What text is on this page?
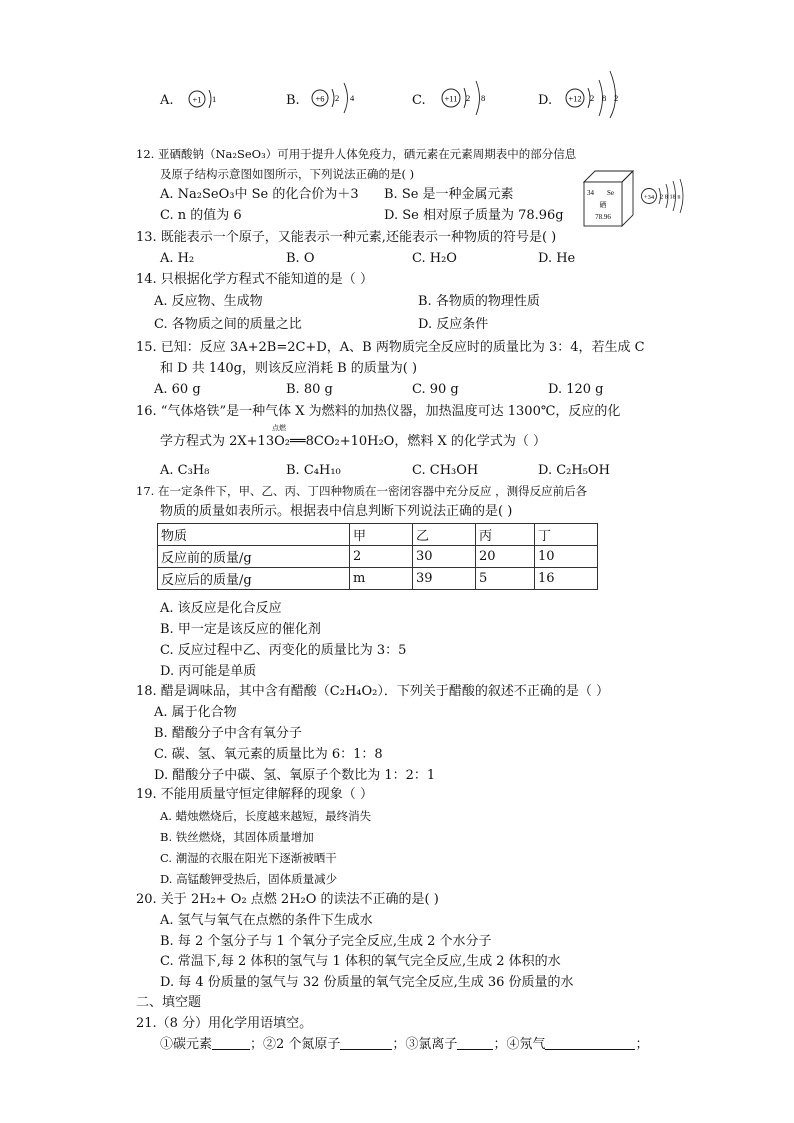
A. +1 1	B. +6 2 4	C. +11 2 8	D. +12 2 8 2
12. 亚硒酸钠（Na₂SeO₃）可用于提升人体免疫力，硒元素在元素周期表中的部分信息
及原子结构示意图如图所示，下列说法正确的是( )
A. Na₂SeO₃中 Se 的化合价为＋3 B. Se 是一种金属元素
C. n 的值为 6	D. Se 相对原子质量为 78.96g
34 Se
硒
78.96
+34 2 8 18 n
13. 既能表示一个原子，又能表示一种元素,还能表示一种物质的符号是( )
A. H₂	B. O	C. H₂O	D. He
14. 只根据化学方程式不能知道的是（ ）
A. 反应物、生成物	B. 各物质的物理性质
C. 各物质之间的质量之比	D. 反应条件
15. 已知：反应 3A+2B=2C+D，A、B 两物质完全反应时的质量比为 3：4，若生成 C
和 D 共 140g，则该反应消耗 B 的质量为( )
A. 60 g	B. 80 g	C. 90 g	D. 120 g
16. “气体烙铁”是一种气体 X 为燃料的加热仪器，加热温度可达 1300℃，反应的化
点燃
学方程式为 2X+13O₂══8CO₂+10H₂O，燃料 X 的化学式为（ ）
A. C₃H₈	B. C₄H₁₀	C. CH₃OH	D. C₂H₅OH
17. 在一定条件下，甲、乙、丙、丁四种物质在一密闭容器中充分反应 ，测得反应前后各
物质的质量如表所示。根据表中信息判断下列说法正确的是( )
物质	甲	乙	丙	丁
反应前的质量/g	2	30	20	10
反应后的质量/g	m	39	5	16
A. 该反应是化合反应
B. 甲一定是该反应的催化剂
C. 反应过程中乙、丙变化的质量比为 3：5
D. 丙可能是单质
18. 醋是调味品，其中含有醋酸（C₂H₄O₂）．下列关于醋酸的叙述不正确的是（ ）
A. 属于化合物
B. 醋酸分子中含有氧分子
C. 碳、氢、氧元素的质量比为 6：1：8
D. 醋酸分子中碳、氢、氧原子个数比为 1：2：1
19. 不能用质量守恒定律解释的现象（ ）
A. 蜡烛燃烧后，长度越来越短，最终消失
B. 铁丝燃烧，其固体质量增加
C. 潮湿的衣服在阳光下逐渐被晒干
D. 高锰酸钾受热后，固体质量减少
20. 关于 2H₂+ O₂ 点燃 2H₂O 的读法不正确的是( )
A. 氢气与氧气在点燃的条件下生成水
B. 每 2 个氢分子与 1 个氧分子完全反应,生成 2 个水分子
C. 常温下,每 2 体积的氢气与 1 体积的氧气完全反应,生成 2 体积的水
D. 每 4 份质量的氢气与 32 份质量的氧气完全反应,生成 36 份质量的水
二、填空题
21.（8 分）用化学用语填空。
①碳元素	；②2 个氮原子	；③氯离子	；④氖气	；
